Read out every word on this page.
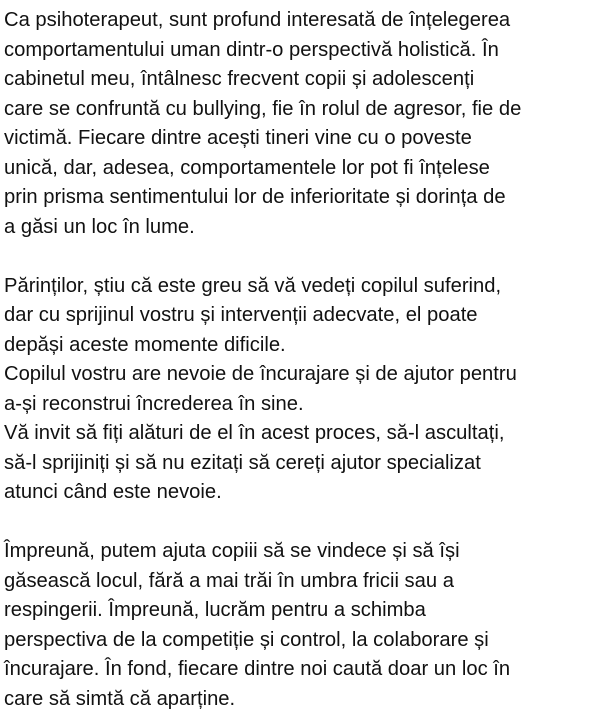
Ca psihoterapeut, sunt profund interesată de înțelegerea
comportamentului uman dintr-o perspectivă holistică. În
cabinetul meu, întâlnesc frecvent copii și adolescenți
care se confruntă cu bullying, fie în rolul de agresor, fie de
victimă. Fiecare dintre acești tineri vine cu o poveste
unică, dar, adesea, comportamentele lor pot fi înțelese
prin prisma sentimentului lor de inferioritate și dorința de
a găsi un loc în lume.

Părinților, știu că este greu să vă vedeți copilul suferind,
dar cu sprijinul vostru și intervenții adecvate, el poate
depăși aceste momente dificile.
Copilul vostru are nevoie de încurajare și de ajutor pentru
a-și reconstrui încrederea în sine.
Vă invit să fiți alături de el în acest proces, să-l ascultați,
să-l sprijiniți și să nu ezitați să cereți ajutor specializat
atunci când este nevoie.

Împreună, putem ajuta copiii să se vindece și să își
găsească locul, fără a mai trăi în umbra fricii sau a
respingerii. Împreună, lucrăm pentru a schimba
perspectiva de la competiție și control, la colaborare și
încurajare. În fond, fiecare dintre noi caută doar un loc în
care să simtă că aparține.
